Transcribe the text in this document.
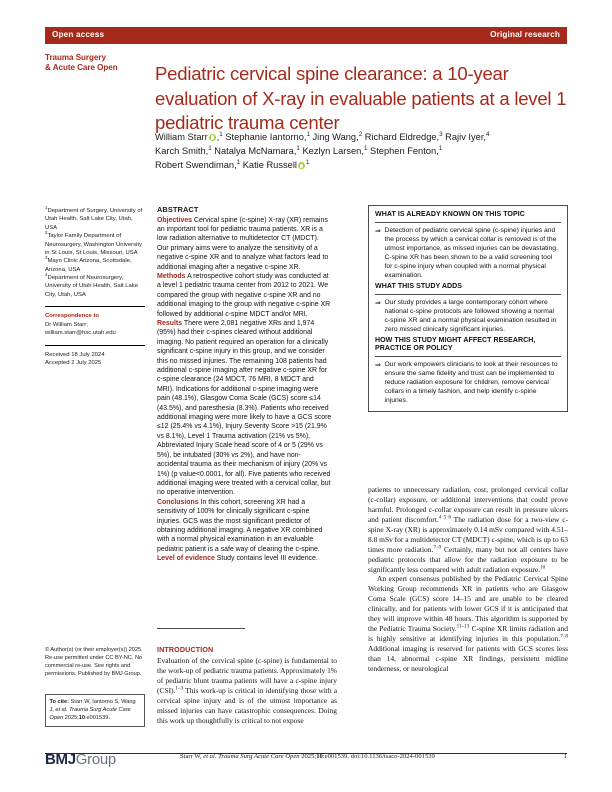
Open access	Original research
Trauma Surgery
& Acute Care Open	Pediatric cervical spine clearance: a 10-year evaluation of X-ray in evaluable patients at a level 1 pediatric trauma center
William Starr ,$^1$ Stephanie Iantorno,$^1$ Jing Wang,$^2$ Richard Eldredge,$^3$ Rajiv Iyer,$^4$
Karch Smith,$^1$ Natalya McNamara,$^1$ Kezlyn Larsen,$^1$ Stephen Fenton,$^1$
Robert Swendiman,$^1$ Katie Russell $^1$
$^1$Department of Surgery, University of Utah Health, Salt Lake City, Utah, USA
$^2$Taylor Family Department of Neurosurgery, Washington University in St Louis, St Louis, Missouri, USA
$^3$Mayo Clinic Arizona, Scottsdale, Arizona, USA
$^4$Department of Neurosurgery, University of Utah Health, Salt Lake City, Utah, USA
Correspondence to
Dr William Starr; william.starr@hsc.utah.edu
Received 18 July 2024
Accepted 2 July 2025
© Author(s) (or their employer(s)) 2025. Re-use permitted under CC BY-NC. No commercial re-use. See rights and permissions. Published by BMJ Group.
To cite: Starr W, Iantorno S, Wang J, et al. Trauma Surg Acute Care Open 2025;10:e001539.
BMJGroup
ABSTRACT

Objectives Cervical spine (c-spine) X-ray (XR) remains an important tool for pediatric trauma patients. XR is a low radiation alternative to multidetector CT (MDCT). Our primary aims were to analyze the sensitivity of a negative c-spine XR and to analyze what factors lead to additional imaging after a negative c-spine XR.

Methods A retrospective cohort study was conducted at a level 1 pediatric trauma center from 2012 to 2021. We compared the group with negative c-spine XR and no additional imaging to the group with negative c-spine XR followed by additional c-spine MDCT and/or MRI.

Results There were 2,081 negative XRs and 1,974 (95%) had their c-spines cleared without additional imaging. No patient required an operation for a clinically significant c-spine injury in this group, and we consider this no missed injuries. The remaining 108 patients had additional c-spine imaging after negative c-spine XR for c-spine clearance (24 MDCT, 76 MRI, 8 MDCT and MRI). Indications for additional c-spine imaging were pain (48.1%), Glasgow Coma Scale (GCS) score ≤14 (43.5%), and paresthesia (8.3%). Patients who received additional imaging were more likely to have a GCS score ≤12 (25.4% vs 4.1%), Injury Severity Score >15 (21.9% vs 8.1%), Level 1 Trauma activation (21% vs 5%), Abbreviated Injury Scale head score of 4 or 5 (29% vs 5%), be intubated (30% vs 2%), and have non-accidental trauma as their mechanism of injury (20% vs 1%) (p value<0.0001, for all). Five patients who received additional imaging were treated with a cervical collar, but no operative intervention.

Conclusions In this cohort, screening XR had a sensitivity of 100% for clinically significant c-spine injuries. GCS was the most significant predictor of obtaining additional imaging. A negative XR combined with a normal physical examination in an evaluable pediatric patient is a safe way of clearing the c-spine.

Level of evidence Study contains level III evidence.

INTRODUCTION

Evaluation of the cervical spine (c-spine) is fundamental to the work-up of pediatric trauma patients. Approximately 1% of pediatric blunt trauma patients will have a c-spine injury (CSI).$^{1-3}$ This work-up is critical in identifying those with a cervical spine injury and is of the utmost importance as missed injuries can have catastrophic consequences. Doing this work up thoughtfully is critical to not expose

WHAT IS ALREADY KNOWN ON THIS TOPIC
⇒ Detection of pediatric cervical spine (c-spine) injuries and the process by which a cervical collar is removed is of the utmost importance, as missed injuries can be devastating. C-spine XR has been shown to be a valid screening tool for c-spine injury when coupled with a normal physical examination.
WHAT THIS STUDY ADDS
⇒ Our study provides a large contemporary cohort where national c-spine protocols are followed showing a normal c-spine XR and a normal physical examination resulted in zero missed clinically significant injuries.
HOW THIS STUDY MIGHT AFFECT RESEARCH, PRACTICE OR POLICY
⇒ Our work empowers clinicians to look at their resources to ensure the same fidelity and trust can be implemented to reduce radiation exposure for children, remove cervical collars in a timely fashion, and help identify c-spine injuries.

patients to unnecessary radiation, cost, prolonged cervical collar (c-collar) exposure, or additional interventions that could prove harmful. Prolonged c-collar exposure can result in pressure ulcers and patient discomfort.$^{4 5 6}$ The radiation dose for a two-view c-spine X-ray (XR) is approximately 0.14 mSv compared with 4.51–8.8 mSv for a multidetector CT (MDCT) c-spine, which is up to 63 times more radiation.$^{7-9}$ Certainly, many but not all centers have pediatric protocols that allow for the radiation exposure to be significantly less compared with adult radiation exposure.$^{10}$

An expert consensus published by the Pediatric Cervical Spine Working Group recommends XR in patients who are Glasgow Coma Scale (GCS) score 14–15 and are unable to be cleared clinically, and for patients with lower GCS if it is anticipated that they will improve within 48 hours. This algorithm is supported by the Pediatric Trauma Society.$^{11-13}$ C-spine XR limits radiation and is highly sensitive at identifying injuries in this population.$^{7-8}$ Additional imaging is reserved for patients with GCS scores less than 14, abnormal c-spine XR findings, persistent midline tenderness, or neurological

Starr W, et al. Trauma Surg Acute Care Open 2025;10:e001539. doi:10.1136/tsaco-2024-001539	1
